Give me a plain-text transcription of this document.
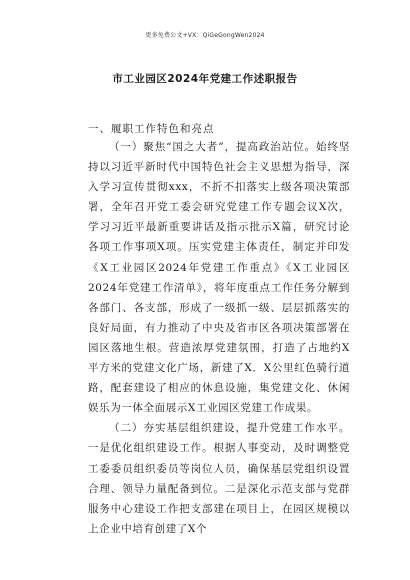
更多免费公文+VX：QiGeGongWen2024
市工业园区2024年党建工作述职报告
一、履职工作特色和亮点

（一）聚焦“国之大者”，提高政治站位。始终坚持以习近平新时代中国特色社会主义思想为指导，深入学习宣传贯彻xxx，不折不扣落实上级各项决策部署，全年召开党工委会研究党建工作专题会议X次，学习习近平最新重要讲话及指示批示X篇，研究讨论各项工作事项X项。压实党建主体责任，制定并印发《X工业园区2024年党建工作重点》《X工业园区2024年党建工作清单》，将年度重点工作任务分解到各部门、各支部，形成了一级抓一级、层层抓落实的良好局面，有力推动了中央及省市区各项决策部署在园区落地生根。营造浓厚党建氛围，打造了占地约X平方米的党建文化广场，新建了X．X公里红色骑行道路，配套建设了相应的休息设施，集党建文化、休闲娱乐为一体全面展示X工业园区党建工作成果。

（二）夯实基层组织建设，提升党建工作水平。一是优化组织建设工作。根据人事变动，及时调整党工委委员组织委员等岗位人员，确保基层党组织设置合理、领导力量配备到位。二是深化示范支部与党群服务中心建设工作把支部建在项目上，在园区规模以上企业中培育创建了X个
